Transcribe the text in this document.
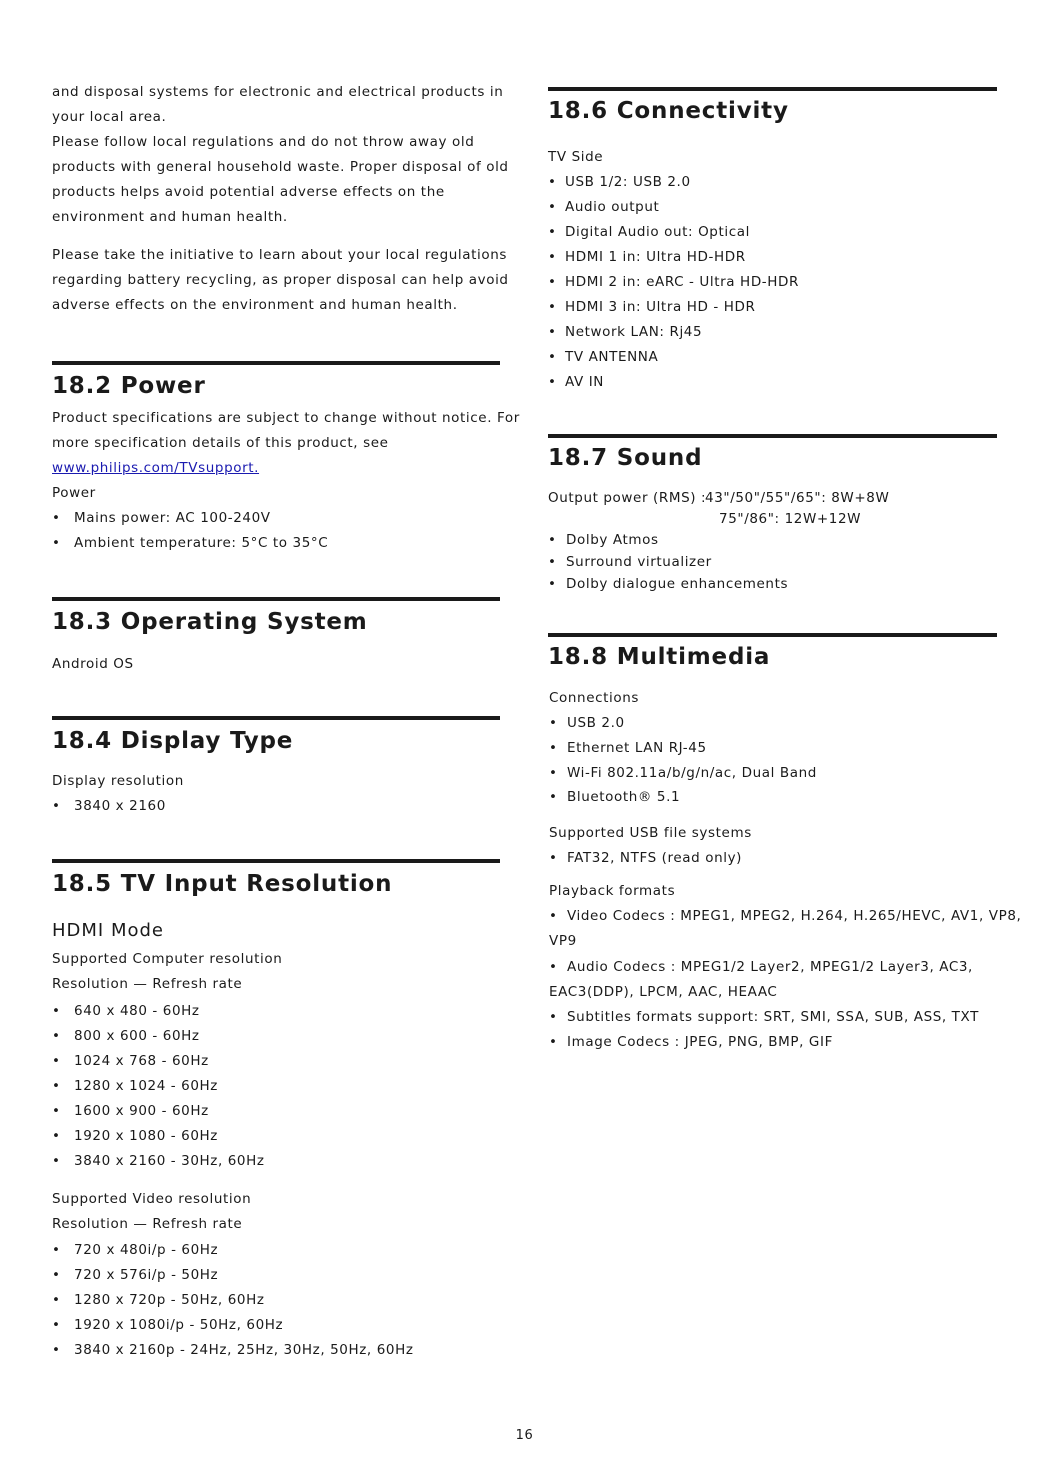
and disposal systems for electronic and electrical products in
your local area.
Please follow local regulations and do not throw away old
products with general household waste. Proper disposal of old
products helps avoid potential adverse effects on the
environment and human health.
Please take the initiative to learn about your local regulations
regarding battery recycling, as proper disposal can help avoid
adverse effects on the environment and human health.
18.2 Power
Product specifications are subject to change without notice. For
more specification details of this product, see
www.philips.com/TVsupport.
Power
• Mains power: AC 100-240V
• Ambient temperature: 5°C to 35°C
18.3 Operating System
Android OS
18.4 Display Type
Display resolution
• 3840 x 2160
18.5 TV Input Resolution
HDMI Mode
Supported Computer resolution
Resolution — Refresh rate
• 640 x 480 - 60Hz
• 800 x 600 - 60Hz
• 1024 x 768 - 60Hz
• 1280 x 1024 - 60Hz
• 1600 x 900 - 60Hz
• 1920 x 1080 - 60Hz
• 3840 x 2160 - 30Hz, 60Hz
Supported Video resolution
Resolution — Refresh rate
• 720 x 480i/p - 60Hz
• 720 x 576i/p - 50Hz
• 1280 x 720p - 50Hz, 60Hz
• 1920 x 1080i/p - 50Hz, 60Hz
• 3840 x 2160p - 24Hz, 25Hz, 30Hz, 50Hz, 60Hz
18.6 Connectivity
TV Side
• USB 1/2: USB 2.0
• Audio output
• Digital Audio out: Optical
• HDMI 1 in: Ultra HD-HDR
• HDMI 2 in: eARC - Ultra HD-HDR
• HDMI 3 in: Ultra HD - HDR
• Network LAN: Rj45
• TV ANTENNA
• AV IN
18.7 Sound
Output power (RMS) :
43"/50"/55"/65": 8W+8W
75"/86": 12W+12W
• Dolby Atmos
• Surround virtualizer
• Dolby dialogue enhancements
18.8 Multimedia
Connections
• USB 2.0
• Ethernet LAN RJ-45
• Wi-Fi 802.11a/b/g/n/ac, Dual Band
• Bluetooth® 5.1
Supported USB file systems
• FAT32, NTFS (read only)
Playback formats
• Video Codecs : MPEG1, MPEG2, H.264, H.265/HEVC, AV1, VP8,
VP9
• Audio Codecs : MPEG1/2 Layer2, MPEG1/2 Layer3, AC3,
EAC3(DDP), LPCM, AAC, HEAAC
• Subtitles formats support: SRT, SMI, SSA, SUB, ASS, TXT
• Image Codecs : JPEG, PNG, BMP, GIF
16
